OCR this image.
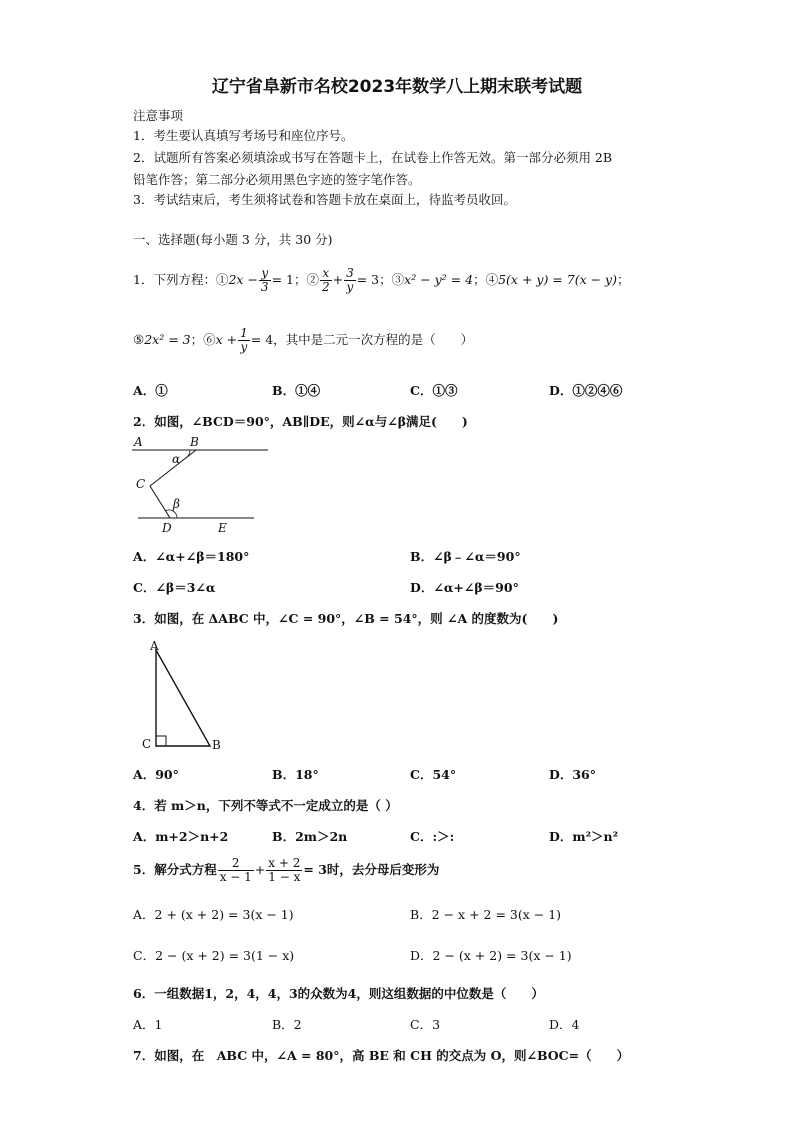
辽宁省阜新市名校2023年数学八上期末联考试题
注意事项
1．考生要认真填写考场号和座位序号。
2．试题所有答案必须填涂或书写在答题卡上，在试卷上作答无效。第一部分必须用 2B
铅笔作答；第二部分必须用黑色字迹的签字笔作答。
3．考试结束后，考生须将试卷和答题卡放在桌面上，待监考员收回。
一、选择题(每小题 3 分，共 30 分)
1．下列方程：①2x − $\frac{y}{3} = 1$；② $\frac{x}{2} + \frac{3}{y} = 3$；③x² − y² = 4；④5(x + y) = 7(x − y)；
⑤2x² = 3；⑥x + $\frac{1}{y} = 4$，其中是二元一次方程的是（　　）
A．①	B．①④	C．①③	D．①②④⑥
2．如图，∠BCD＝90°，AB∥DE，则∠α与∠β满足(　　)
A	B
α
C
β
D	E
A．∠α+∠β＝180°	B．∠β﹣∠α＝90°
C．∠β＝3∠α	D．∠α+∠β＝90°
3．如图，在 ΔABC 中，∠C = 90°，∠B = 54°，则 ∠A 的度数为(　　)
A
B
C
A．90°	B．18°	C．54°	D．36°
4．若 m＞n，下列不等式不一定成立的是（ ）
A．m+2＞n+2	B．2m＞2n	C．:＞:	D．m²＞n²
5．解分式方程 $\frac{2}{x - 1} + \frac{x + 2}{1 - x} = 3$时，去分母后变形为
A．2 + (x + 2) = 3(x − 1)	B．2 − x + 2 = 3(x − 1)
C．2 − (x + 2) = 3(1 − x)	D．2 − (x + 2) = 3(x − 1)
6．一组数据1，2，4，4，3的众数为4，则这组数据的中位数是（　　）
A．1	B．2	C．3	D．4
7．如图，在　ABC 中，∠A = 80°，高 BE 和 CH 的交点为 O，则∠BOC=（　　）
